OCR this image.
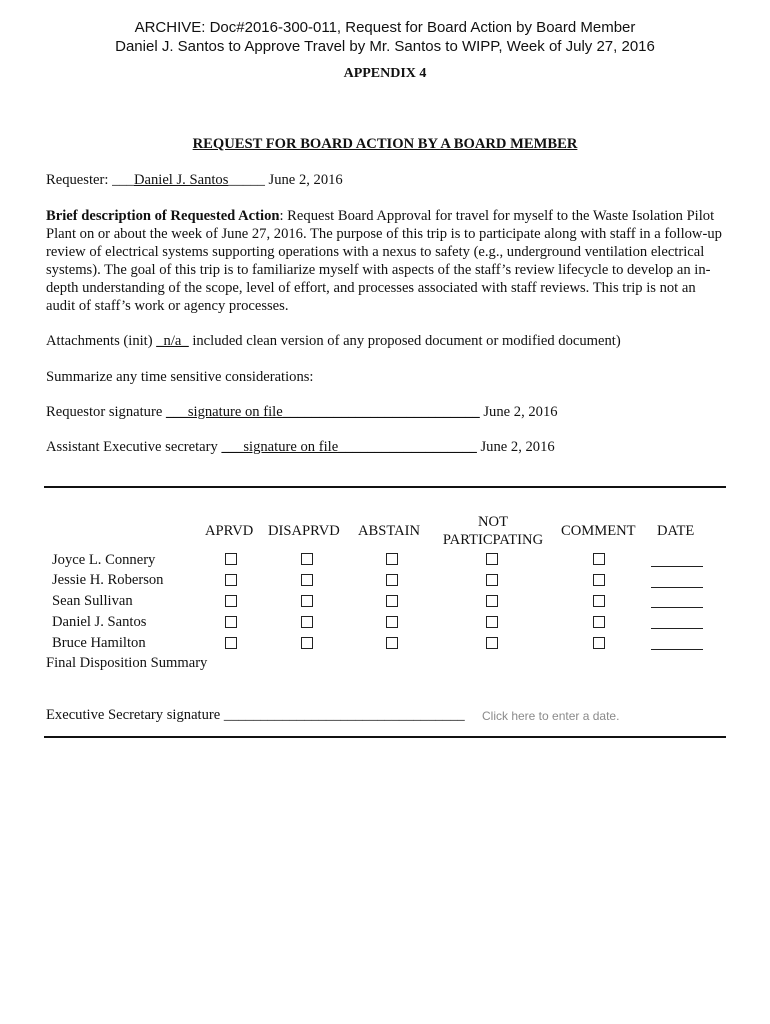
ARCHIVE: Doc#2016-300-011, Request for Board Action by Board Member
Daniel J. Santos to Approve Travel by Mr. Santos to WIPP, Week of July 27, 2016
APPENDIX 4
REQUEST FOR BOARD ACTION BY A BOARD MEMBER
Requester: ___Daniel J. Santos_____ June 2, 2016
Brief description of Requested Action: Request Board Approval for travel for myself to the Waste Isolation Pilot Plant on or about the week of June 27, 2016. The purpose of this trip is to participate along with staff in a follow-up review of electrical systems supporting operations with a nexus to safety (e.g., underground ventilation electrical systems). The goal of this trip is to familiarize myself with aspects of the staff’s review lifecycle to develop an in-depth understanding of the scope, level of effort, and processes associated with staff reviews. This trip is not an audit of staff’s work or agency processes.
Attachments (init) _n/a_ included clean version of any proposed document or modified document)
Summarize any time sensitive considerations:
Requestor signature ___signature on file___________________________ June 2, 2016
Assistant Executive secretary ___signature on file___________________ June 2, 2016
APRVD DISAPRVD ABSTAIN
NOT
PARTICPATING
COMMENT DATE
Joyce L. Connery
Jessie H. Roberson
Sean Sullivan
Daniel J. Santos
Bruce Hamilton
Final Disposition Summary
Executive Secretary signature _________________________________ Click here to enter a date.
